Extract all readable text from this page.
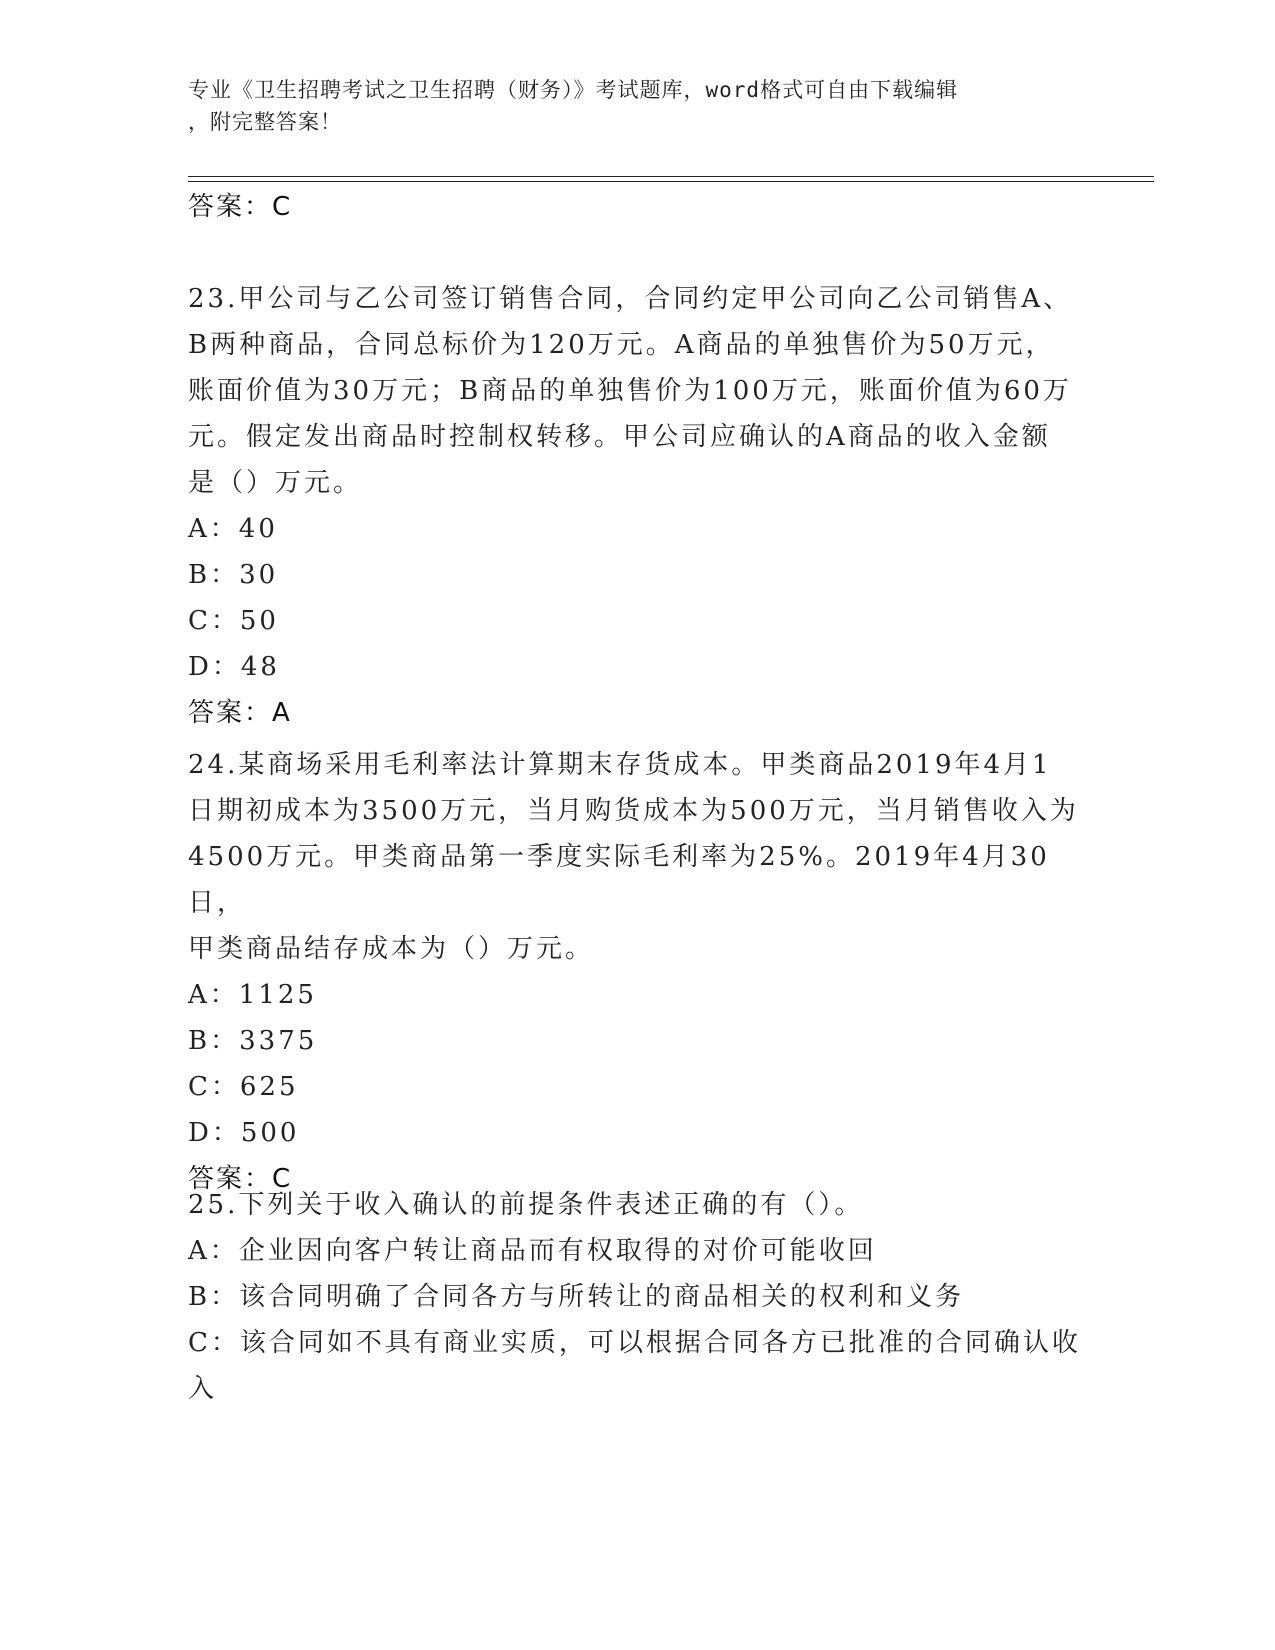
专业《卫生招聘考试之卫生招聘（财务）》考试题库，word格式可自由下载编辑
，附完整答案！
答案：C
23.甲公司与乙公司签订销售合同，合同约定甲公司向乙公司销售A、
B两种商品，合同总标价为120万元。A商品的单独售价为50万元，
账面价值为30万元；B商品的单独售价为100万元，账面价值为60万
元。假定发出商品时控制权转移。甲公司应确认的A商品的收入金额
是（）万元。
A：40
B：30
C：50
D：48
答案：A
24.某商场采用毛利率法计算期末存货成本。甲类商品2019年4月1
日期初成本为3500万元，当月购货成本为500万元，当月销售收入为
4500万元。甲类商品第一季度实际毛利率为25%。2019年4月30日，
甲类商品结存成本为（）万元。
A：1125
B：3375
C：625
D：500
答案：C
25.下列关于收入确认的前提条件表述正确的有（）。
A：企业因向客户转让商品而有权取得的对价可能收回
B：该合同明确了合同各方与所转让的商品相关的权利和义务
C：该合同如不具有商业实质，可以根据合同各方已批准的合同确认收
入
